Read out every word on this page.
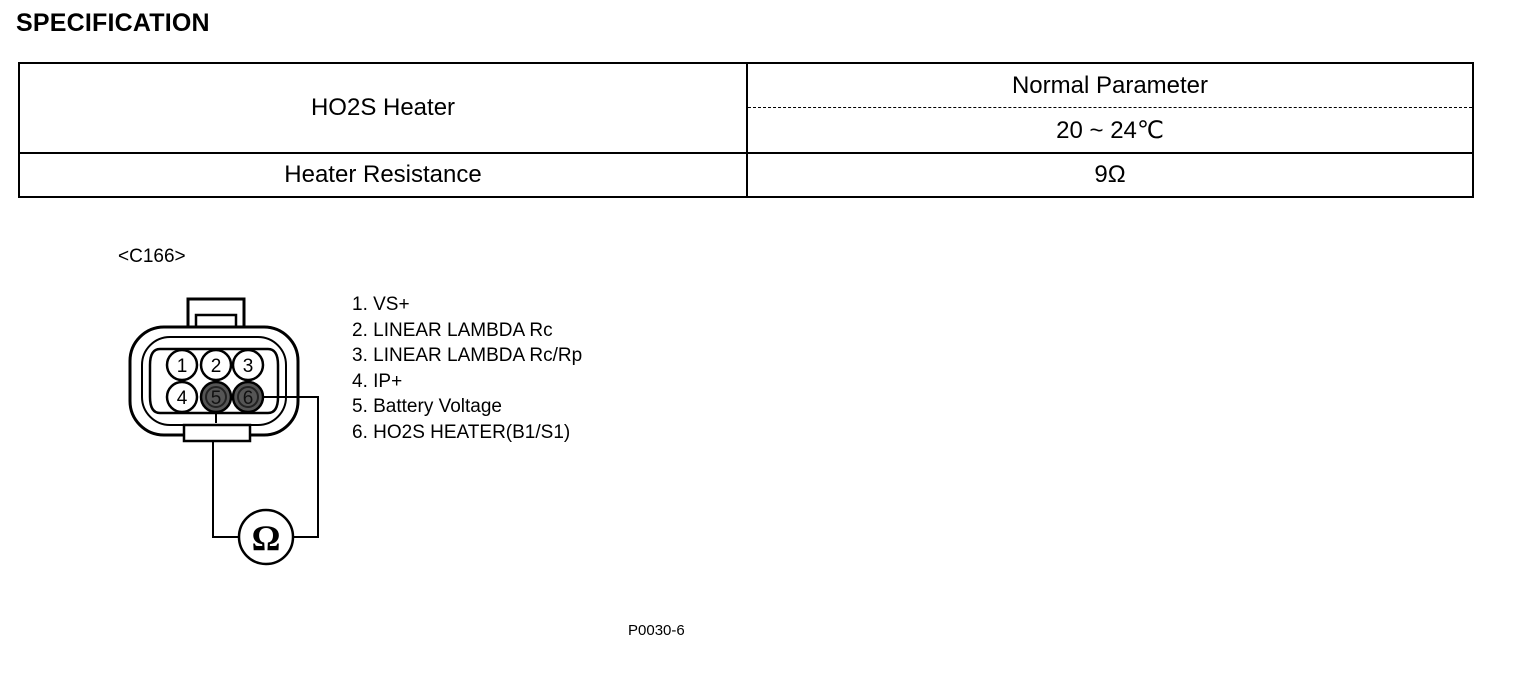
SPECIFICATION
HO2S Heater
Normal Parameter
20 ~ 24℃
Heater Resistance	9Ω
<C166>
Ω
1 2 3
4 5 6
1. VS+
2. LINEAR LAMBDA Rc
3. LINEAR LAMBDA Rc/Rp
4. IP+
5. Battery Voltage
6. HO2S HEATER(B1/S1)
P0030-6
